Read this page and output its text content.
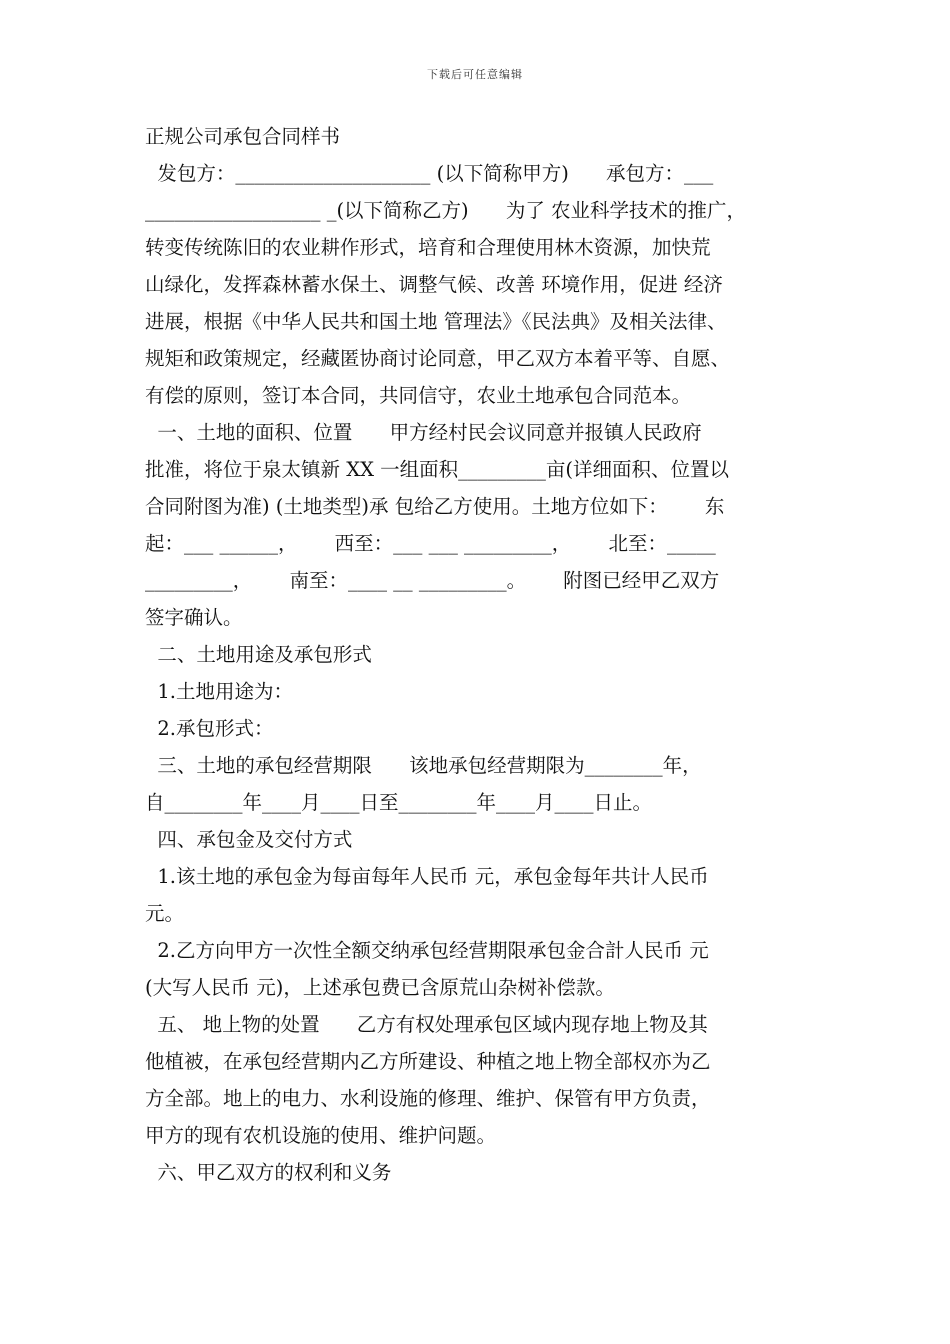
下载后可任意编辑
正规公司承包合同样书
发包方：____________________ (以下简称甲方)      承包方：___
__________________ _(以下简称乙方)      为了 农业科学技术的推广，
转变传统陈旧的农业耕作形式，培育和合理使用林木资源，加快荒
山绿化，发挥森林蓄水保土、调整气候、改善 环境作用，促进 经济
进展，根据《中华人民共和国土地 管理法》《民法典》及相关法律、
规矩和政策规定，经藏匿协商讨论同意，甲乙双方本着平等、自愿、
有偿的原则，签订本合同，共同信守，农业土地承包合同范本。
一、土地的面积、位置      甲方经村民会议同意并报镇人民政府
批准，将位于泉太镇新 XX 一组面积_________亩(详细面积、位置以
合同附图为准) (土地类型)承 包给乙方使用。土地方位如下：      东
起：___ ______，      西至：___ ___ _________，      北至：_____
_________，      南至：____ __ _________。      附图已经甲乙双方
签字确认。
二、土地用途及承包形式
1.土地用途为：
2.承包形式：
三、土地的承包经营期限      该地承包经营期限为________年，
自________年____月____日至________年____月____日止。
四、承包金及交付方式
1.该土地的承包金为每亩每年人民币 元，承包金每年共计人民币
元。
2.乙方向甲方一次性全额交纳承包经营期限承包金合計人民币 元
(大写人民币 元)，上述承包费已含原荒山杂树补偿款。
五、 地上物的处置      乙方有权处理承包区域内现存地上物及其
他植被，在承包经营期内乙方所建设、种植之地上物全部权亦为乙
方全部。地上的电力、水利设施的修理、维护、保管有甲方负责，
甲方的现有农机设施的使用、维护问题。
六、甲乙双方的权利和义务
